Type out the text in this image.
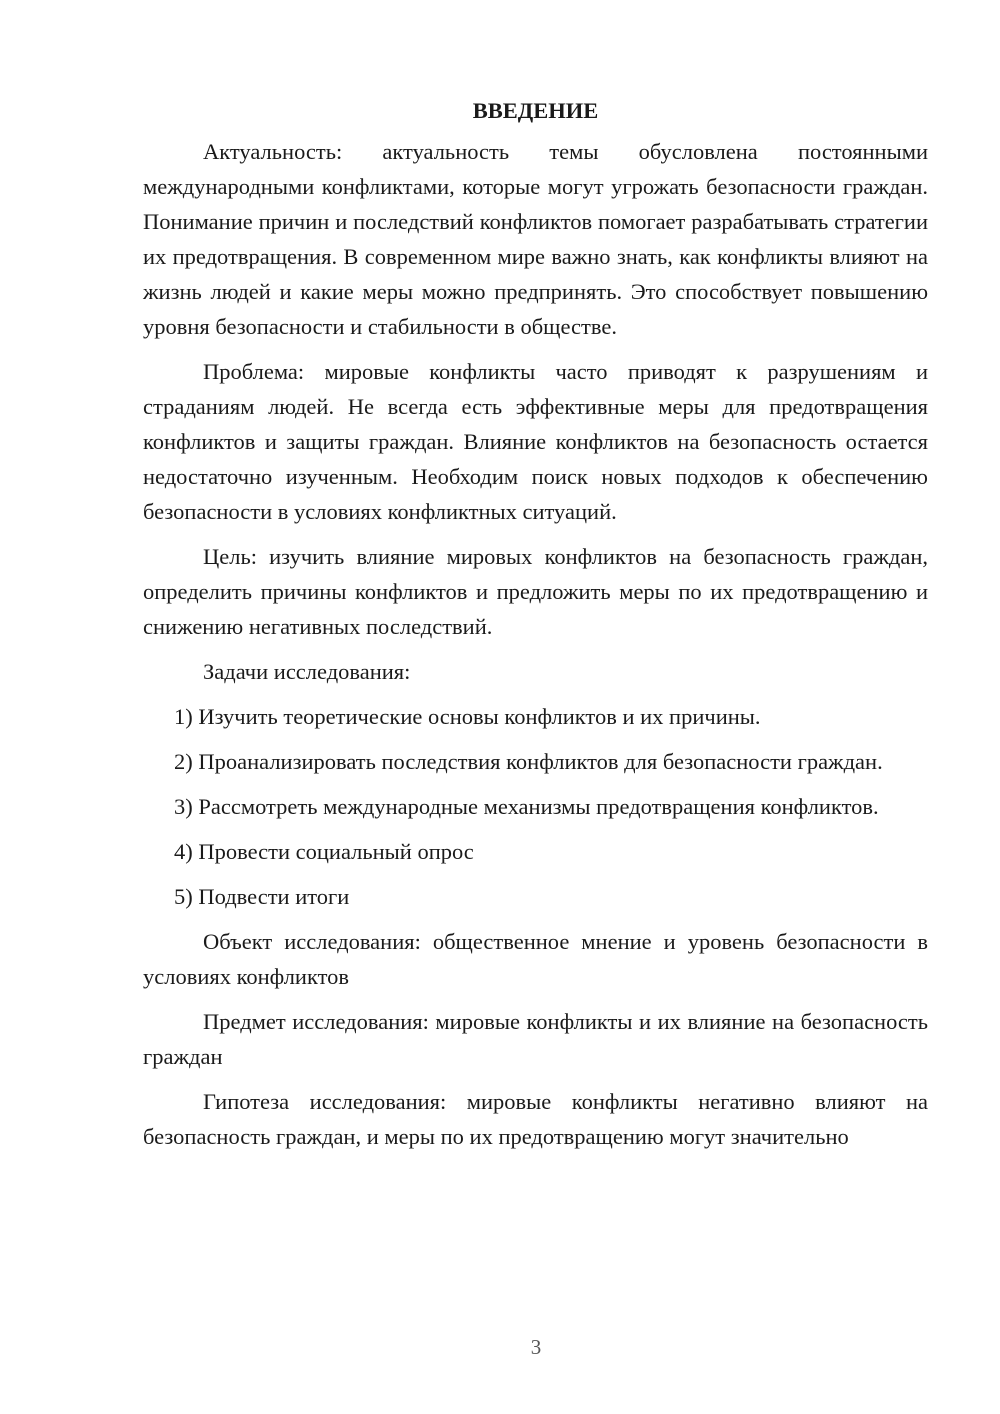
ВВЕДЕНИЕ

Актуальность: актуальность темы обусловлена постоянными международными конфликтами, которые могут угрожать безопасности граждан. Понимание причин и последствий конфликтов помогает разрабатывать стратегии их предотвращения. В современном мире важно знать, как конфликты влияют на жизнь людей и какие меры можно предпринять. Это способствует повышению уровня безопасности и стабильности в обществе.

Проблема: мировые конфликты часто приводят к разрушениям и страданиям людей. Не всегда есть эффективные меры для предотвращения конфликтов и защиты граждан. Влияние конфликтов на безопасность остается недостаточно изученным. Необходим поиск новых подходов к обеспечению безопасности в условиях конфликтных ситуаций.

Цель: изучить влияние мировых конфликтов на безопасность граждан, определить причины конфликтов и предложить меры по их предотвращению и снижению негативных последствий.

Задачи исследования:

1) Изучить теоретические основы конфликтов и их причины.

2) Проанализировать последствия конфликтов для безопасности граждан.

3) Рассмотреть международные механизмы предотвращения конфликтов.

4) Провести социальный опрос

5) Подвести итоги

Объект исследования: общественное мнение и уровень безопасности в условиях конфликтов

Предмет исследования: мировые конфликты и их влияние на безопасность граждан

Гипотеза исследования: мировые конфликты негативно влияют на безопасность граждан, и меры по их предотвращению могут значительно

3
